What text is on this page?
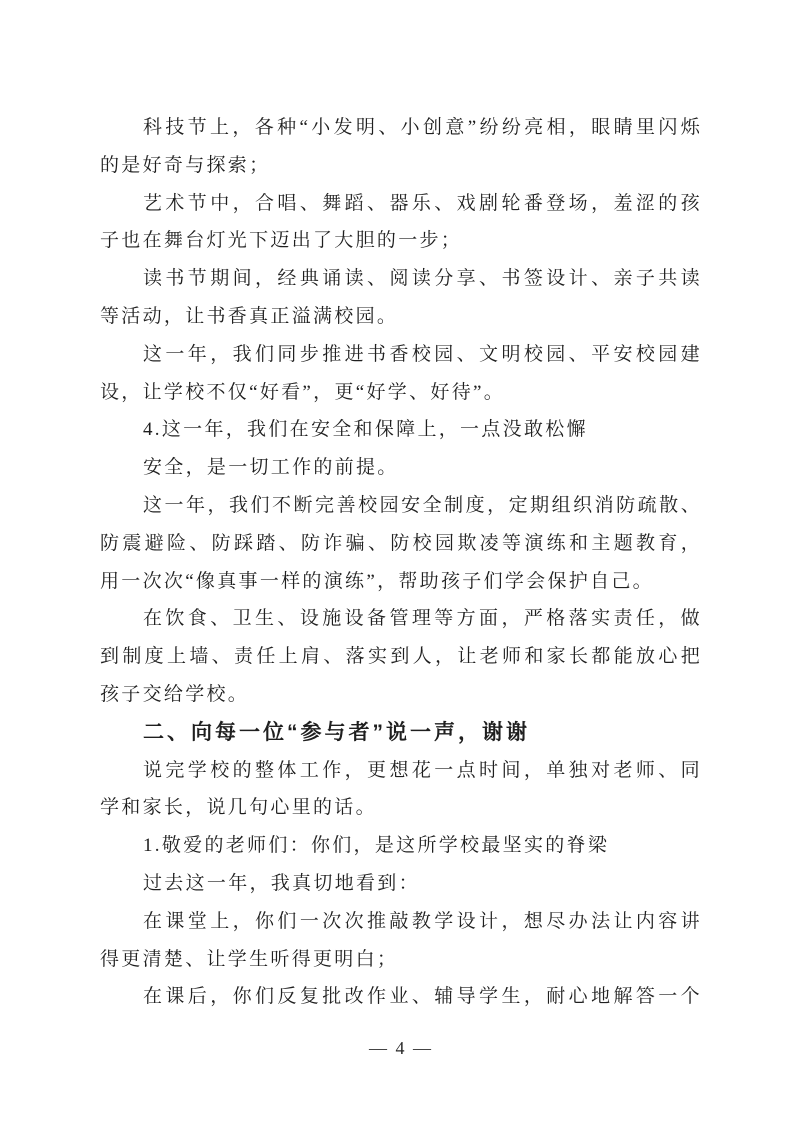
科技节上，各种“小发明、小创意”纷纷亮相，眼睛里闪烁
的是好奇与探索；
艺术节中，合唱、舞蹈、器乐、戏剧轮番登场，羞涩的孩
子也在舞台灯光下迈出了大胆的一步；
读书节期间，经典诵读、阅读分享、书签设计、亲子共读
等活动，让书香真正溢满校园。
这一年，我们同步推进书香校园、文明校园、平安校园建
设，让学校不仅“好看”，更“好学、好待”。
4.这一年，我们在安全和保障上，一点没敢松懈
安全，是一切工作的前提。
这一年，我们不断完善校园安全制度，定期组织消防疏散、
防震避险、防踩踏、防诈骗、防校园欺凌等演练和主题教育，
用一次次“像真事一样的演练”，帮助孩子们学会保护自己。
在饮食、卫生、设施设备管理等方面，严格落实责任，做
到制度上墙、责任上肩、落实到人，让老师和家长都能放心把
孩子交给学校。
二、向每一位“参与者”说一声，谢谢
说完学校的整体工作，更想花一点时间，单独对老师、同
学和家长，说几句心里的话。
1.敬爱的老师们：你们，是这所学校最坚实的脊梁
过去这一年，我真切地看到：
在课堂上，你们一次次推敲教学设计，想尽办法让内容讲
得更清楚、让学生听得更明白；
在课后，你们反复批改作业、辅导学生，耐心地解答一个
— 4 —
